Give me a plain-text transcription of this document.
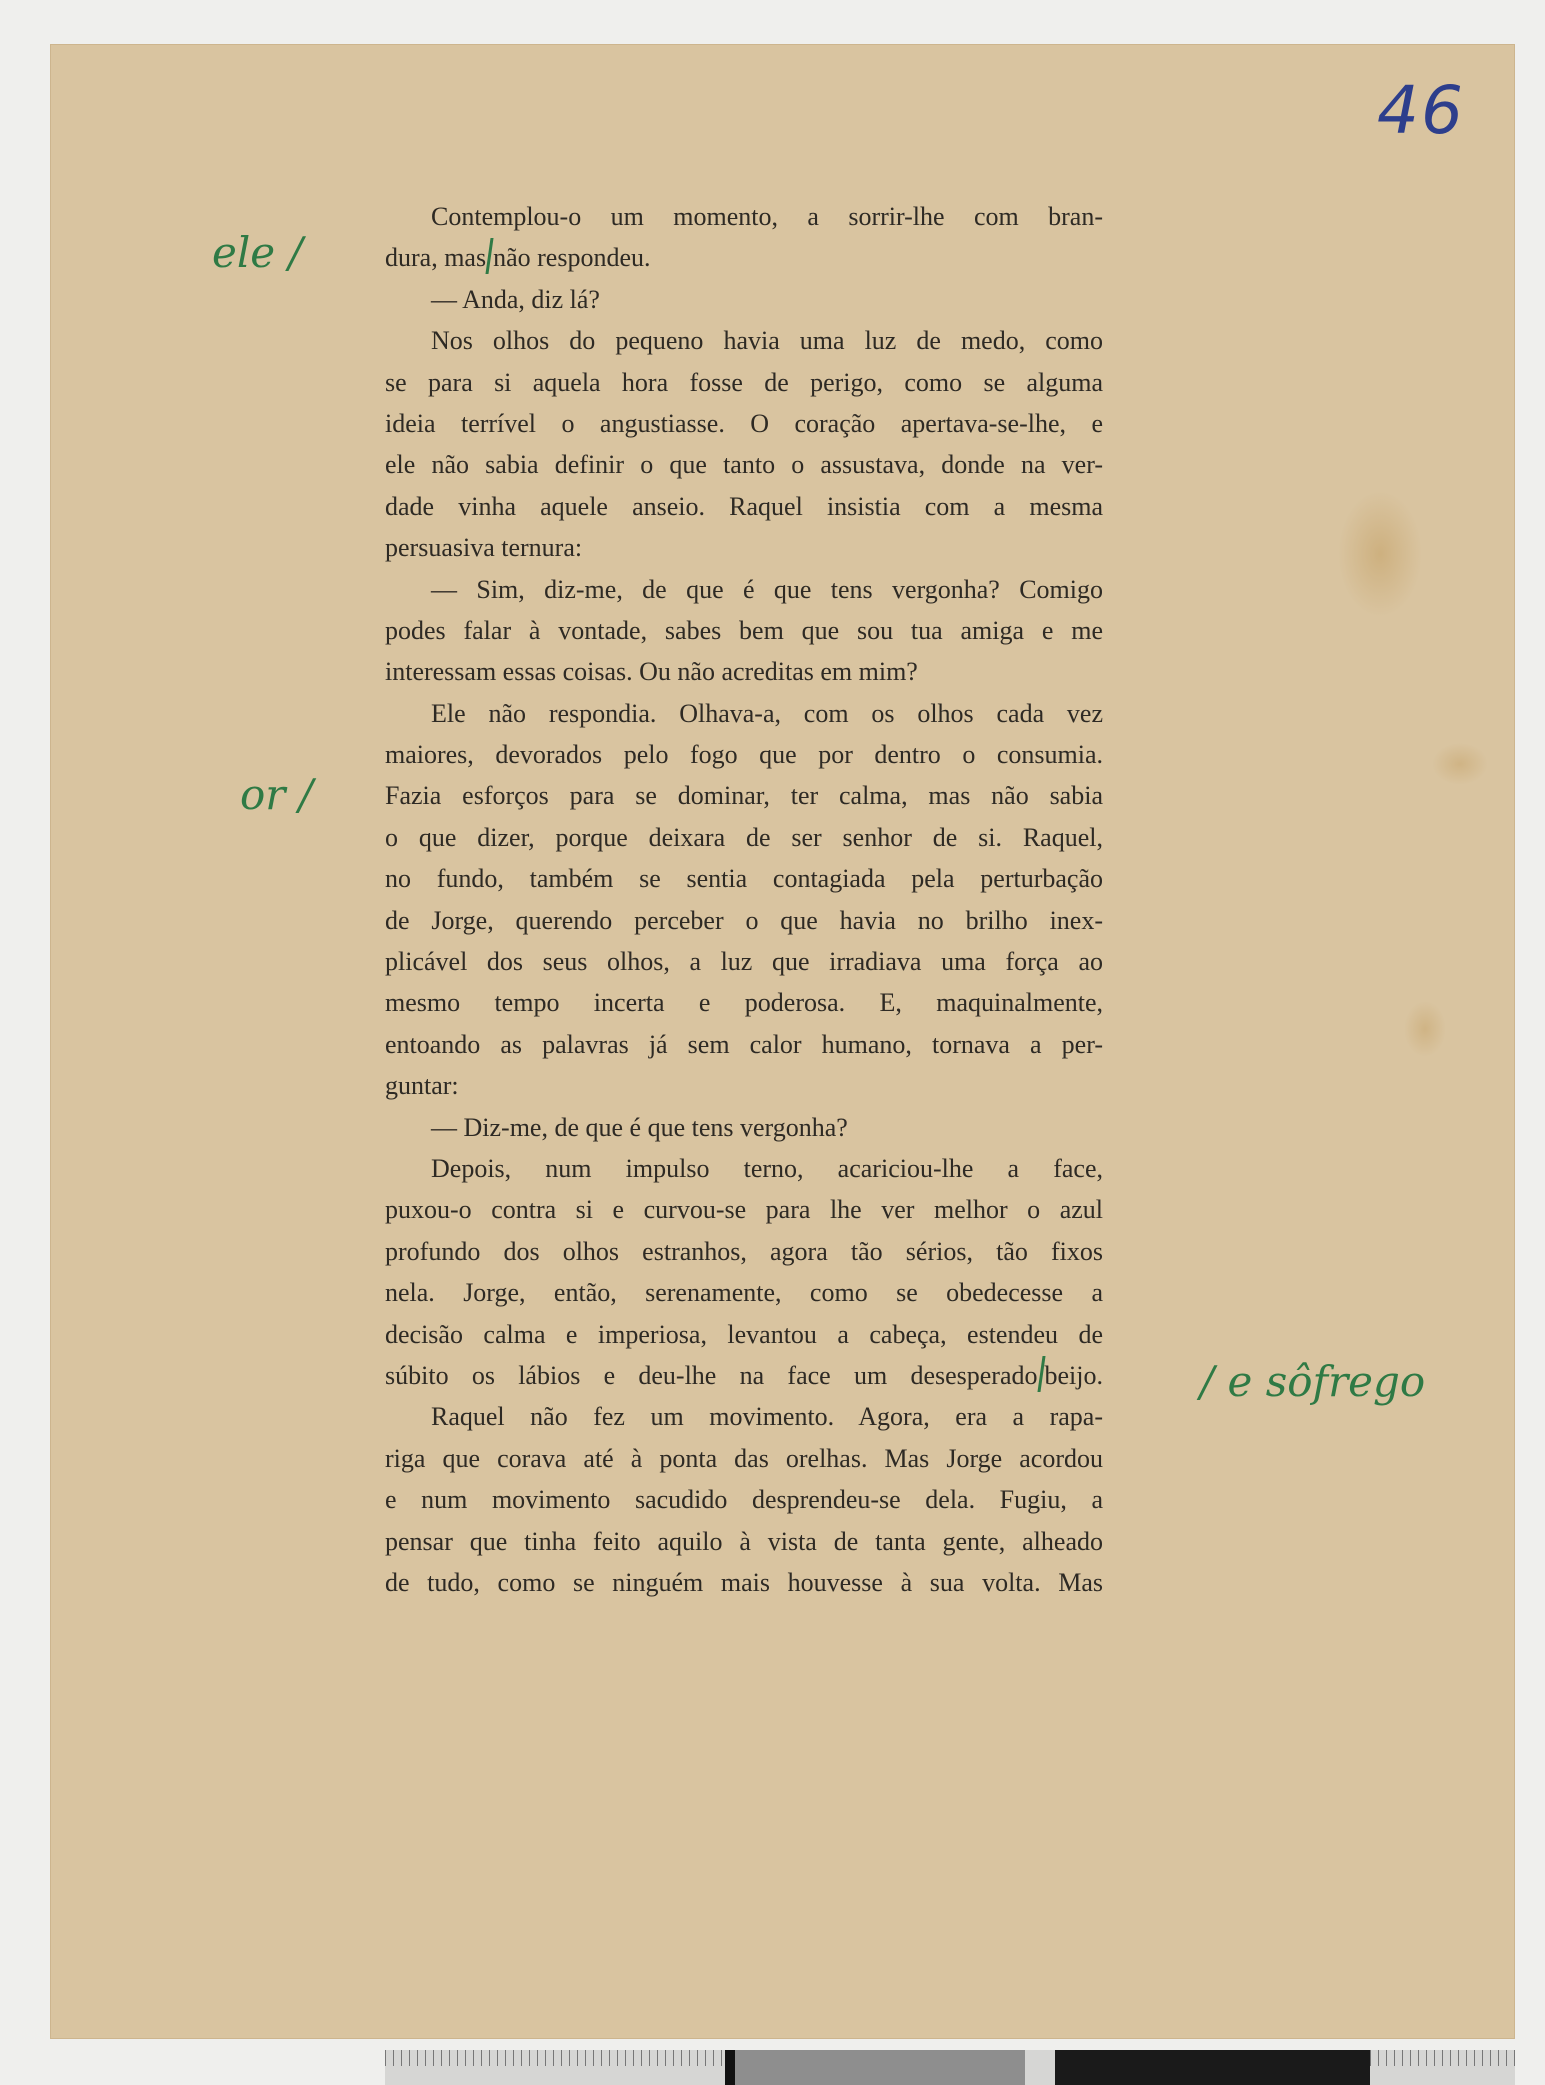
46
ele /
or /
/ e sôfrego
Contemplou-o um momento, a sorrir-lhe com bran-
dura, mas não respondeu.
— Anda, diz lá?
Nos olhos do pequeno havia uma luz de medo, como
se para si aquela hora fosse de perigo, como se alguma
ideia terrível o angustiasse. O coração apertava-se-lhe, e
ele não sabia definir o que tanto o assustava, donde na ver-
dade vinha aquele anseio. Raquel insistia com a mesma
persuasiva ternura:
— Sim, diz-me, de que é que tens vergonha? Comigo
podes falar à vontade, sabes bem que sou tua amiga e me
interessam essas coisas. Ou não acreditas em mim?
Ele não respondia. Olhava-a, com os olhos cada vez
maiores, devorados pelo fogo que por dentro o consumia.
Fazia esforços para se dominar, ter calma, mas não sabia
o que dizer, porque deixara de ser senhor de si. Raquel,
no fundo, também se sentia contagiada pela perturbação
de Jorge, querendo perceber o que havia no brilho inex-
plicável dos seus olhos, a luz que irradiava uma força ao
mesmo tempo incerta e poderosa. E, maquinalmente,
entoando as palavras já sem calor humano, tornava a per-
guntar:
— Diz-me, de que é que tens vergonha?
Depois, num impulso terno, acariciou-lhe a face,
puxou-o contra si e curvou-se para lhe ver melhor o azul
profundo dos olhos estranhos, agora tão sérios, tão fixos
nela. Jorge, então, serenamente, como se obedecesse a
decisão calma e imperiosa, levantou a cabeça, estendeu de
súbito os lábios e deu-lhe na face um desesperado beijo.
Raquel não fez um movimento. Agora, era a rapa-
riga que corava até à ponta das orelhas. Mas Jorge acordou
e num movimento sacudido desprendeu-se dela. Fugiu, a
pensar que tinha feito aquilo à vista de tanta gente, alheado
de tudo, como se ninguém mais houvesse à sua volta. Mas
